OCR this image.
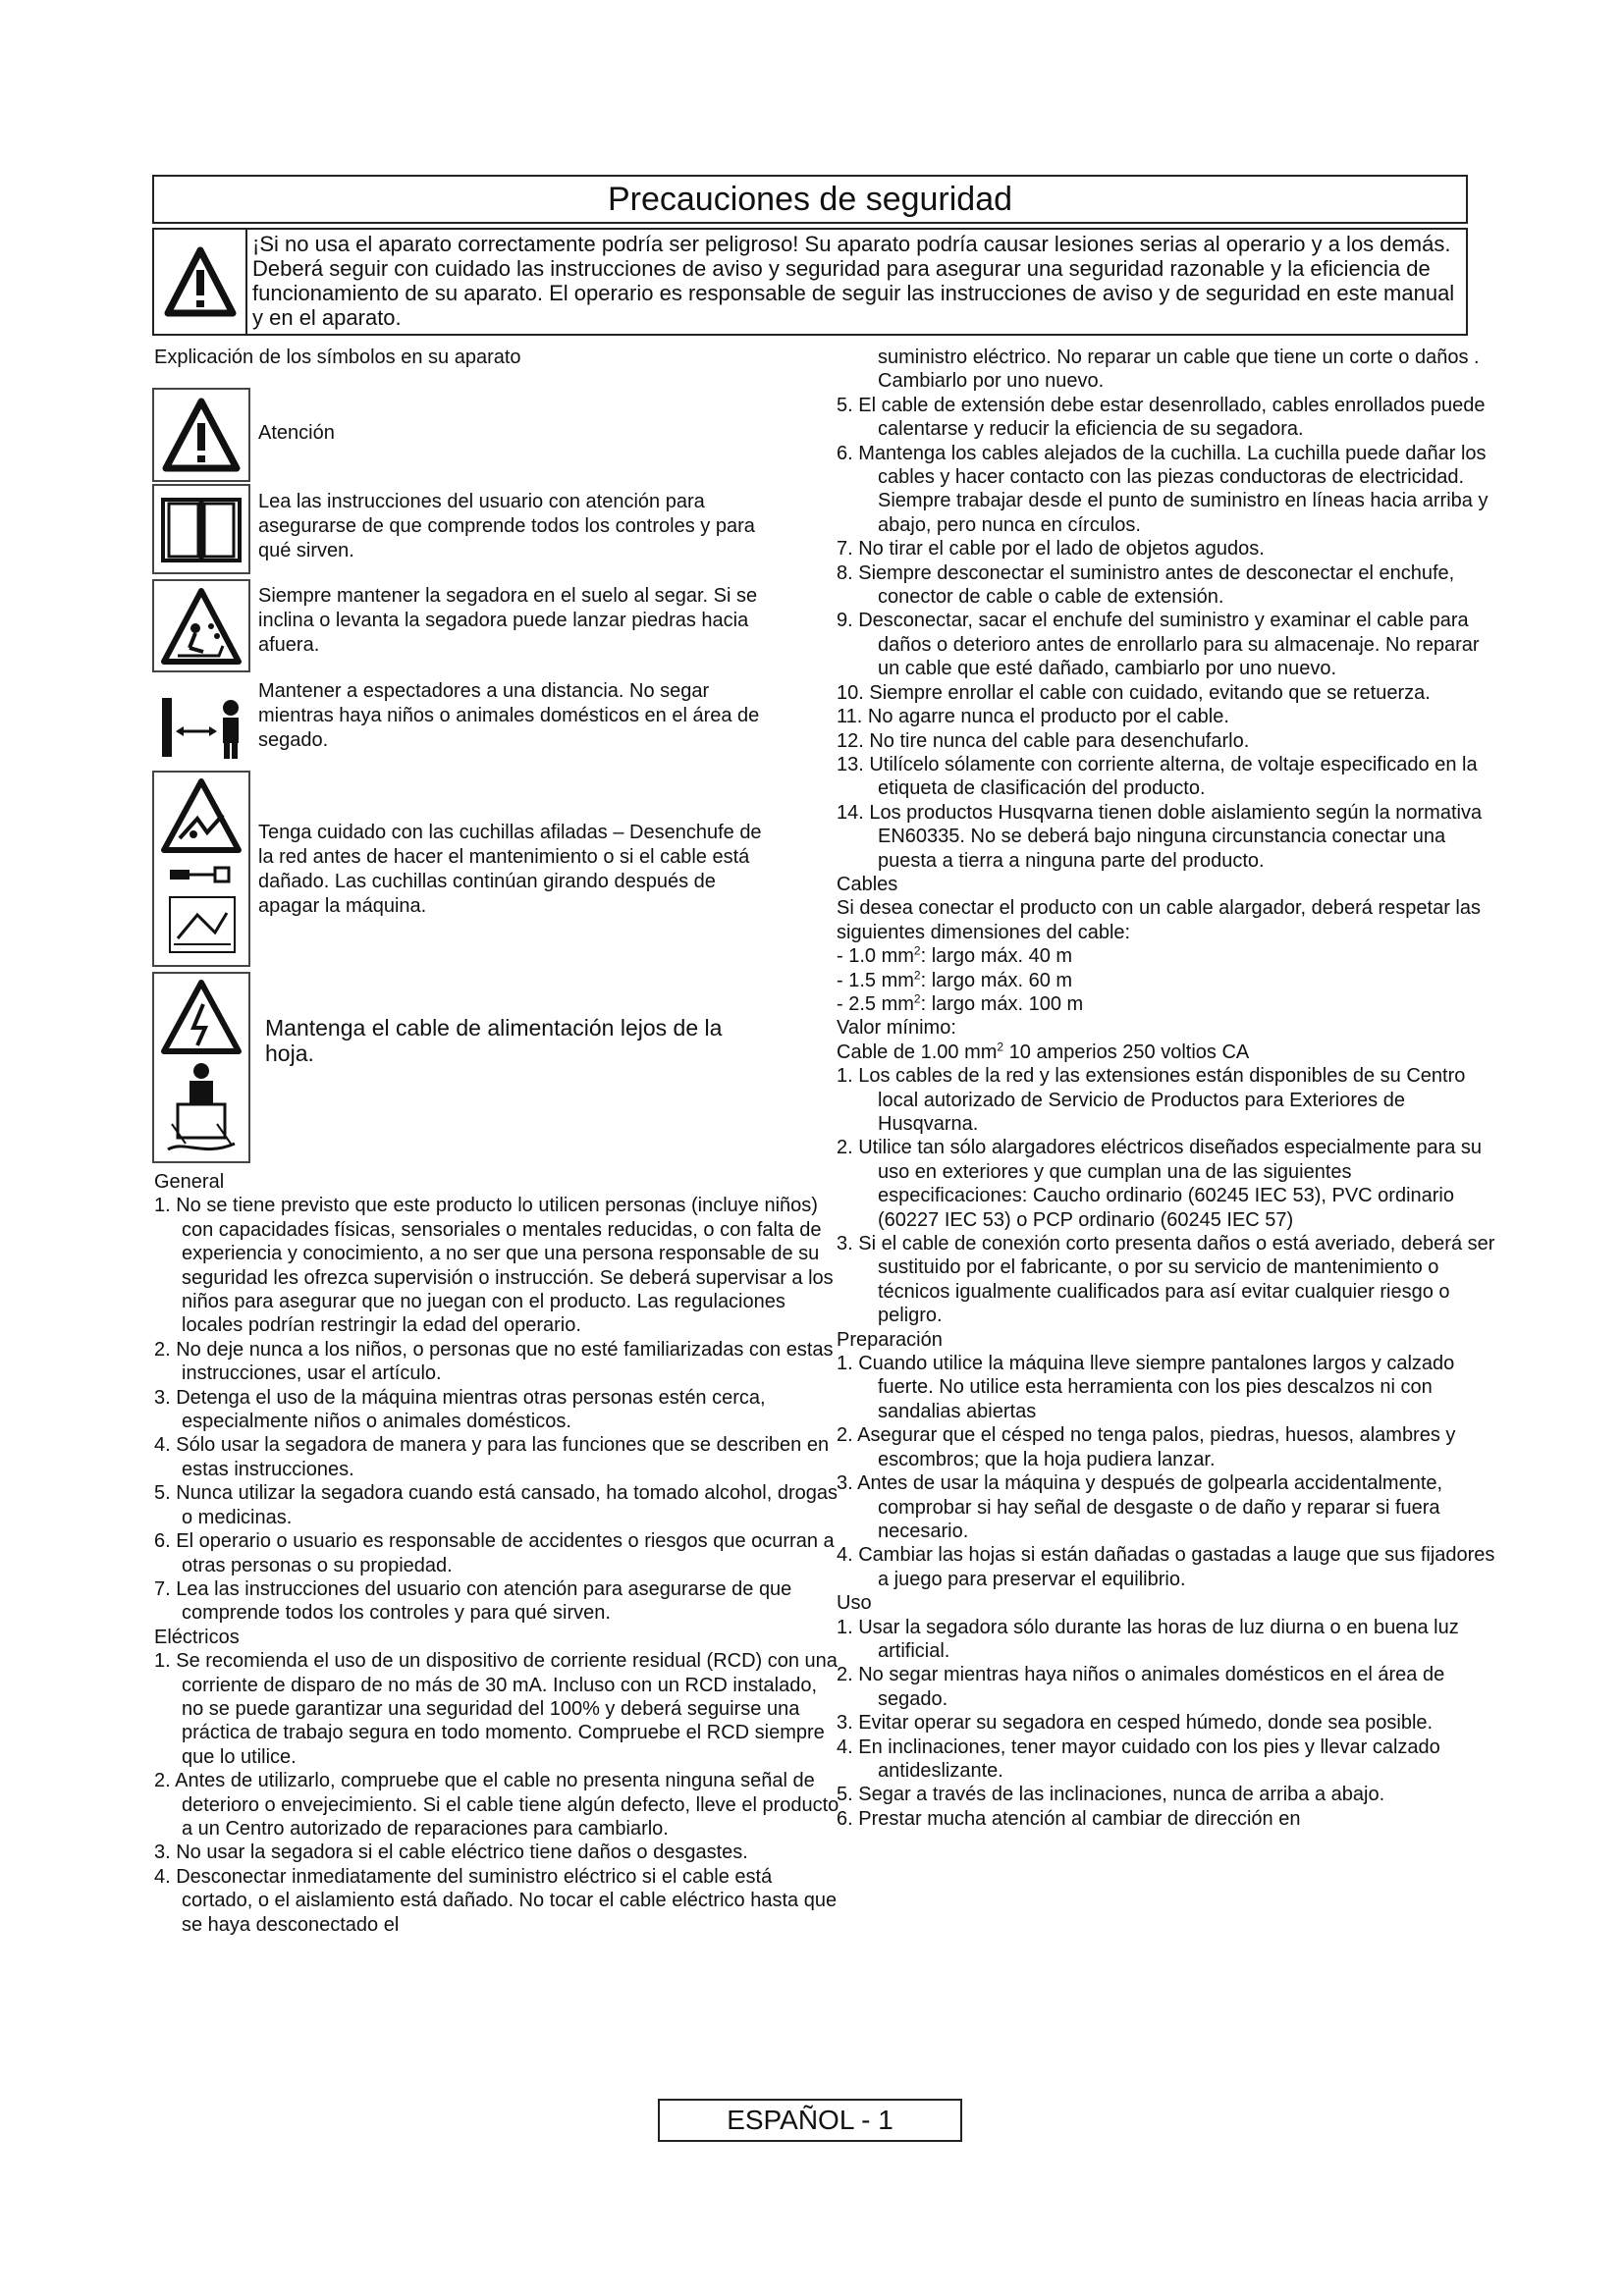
Precauciones de seguridad
¡Si no usa el aparato correctamente podría ser peligroso! Su aparato podría causar lesiones serias al operario y a los demás. Deberá seguir con cuidado las instrucciones de aviso y seguridad para asegurar una seguridad razonable y la eficiencia de funcionamiento de su aparato. El operario es responsable de seguir las instrucciones de aviso y de seguridad en este manual y en el aparato.
Explicación de los símbolos en su aparato
Atención
Lea las instrucciones del usuario con atención para asegurarse de que comprende todos los controles y para qué sirven.
Siempre mantener la segadora en el suelo al segar. Si se inclina o levanta la segadora puede lanzar piedras hacia afuera.
Mantener a espectadores a una distancia. No segar mientras haya niños o animales domésticos en el área de segado.
Tenga cuidado con las cuchillas afiladas – Desenchufe de la red antes de hacer el mantenimiento o si el cable está dañado. Las cuchillas continúan girando después de apagar la máquina.
Mantenga el cable de alimentación lejos de la hoja.

General

1. No se tiene previsto que este producto lo utilicen personas (incluye niños) con capacidades físicas, sensoriales o mentales reducidas, o con falta de experiencia y conocimiento, a no ser que una persona responsable de su seguridad les ofrezca supervisión o instrucción. Se deberá supervisar a los niños para asegurar que no juegan con el producto. Las regulaciones locales podrían restringir la edad del operario.

2. No deje nunca a los niños, o personas que no esté familiarizadas con estas instrucciones, usar el artículo.

3. Detenga el uso de la máquina mientras otras personas estén cerca, especialmente niños o animales domésticos.

4. Sólo usar la segadora de manera y para las funciones que se describen en estas instrucciones.

5. Nunca utilizar la segadora cuando está cansado, ha tomado alcohol, drogas o medicinas.

6. El operario o usuario es responsable de accidentes o riesgos que ocurran a otras personas o su propiedad.

7. Lea las instrucciones del usuario con atención para asegurarse de que comprende todos los controles y para qué sirven.

Eléctricos

1. Se recomienda el uso de un dispositivo de corriente residual (RCD) con una corriente de disparo de no más de 30 mA. Incluso con un RCD instalado, no se puede garantizar una seguridad del 100% y deberá seguirse una práctica de trabajo segura en todo momento. Compruebe el RCD siempre que lo utilice.

2. Antes de utilizarlo, compruebe que el cable no presenta ninguna señal de deterioro o envejecimiento. Si el cable tiene algún defecto, lleve el producto a un Centro autorizado de reparaciones para cambiarlo.

3. No usar la segadora si el cable eléctrico tiene daños o desgastes.

4. Desconectar inmediatamente del suministro eléctrico si el cable está cortado, o el aislamiento está dañado. No tocar el cable eléctrico hasta que se haya desconectado el

suministro eléctrico. No reparar un cable que tiene un corte o daños . Cambiarlo por uno nuevo.

5. El cable de extensión debe estar desenrollado, cables enrollados puede calentarse y reducir la eficiencia de su segadora.

6. Mantenga los cables alejados de la cuchilla. La cuchilla puede dañar los cables y hacer contacto con las piezas conductoras de electricidad. Siempre trabajar desde el punto de suministro en líneas hacia arriba y abajo, pero nunca en círculos.

7. No tirar el cable por el lado de objetos agudos.

8. Siempre desconectar el suministro antes de desconectar el enchufe, conector de cable o cable de extensión.

9. Desconectar, sacar el enchufe del suministro y examinar el cable para daños o deterioro antes de enrollarlo para su almacenaje. No reparar un cable que esté dañado, cambiarlo por uno nuevo.

10. Siempre enrollar el cable con cuidado, evitando que se retuerza.

11. No agarre nunca el producto por el cable.

12. No tire nunca del cable para desenchufarlo.

13. Utilícelo sólamente con corriente alterna, de voltaje especificado en la etiqueta de clasificación del producto.

14. Los productos Husqvarna tienen doble aislamiento según la normativa EN60335. No se deberá bajo ninguna circunstancia conectar una puesta a tierra a ninguna parte del producto.

Cables

Si desea conectar el producto con un cable alargador, deberá respetar las siguientes dimensiones del cable:

- 1.0 $mm^2$: largo máx. 40 m

- 1.5 $mm^2$: largo máx. 60 m

- 2.5 $mm^2$: largo máx. 100 m

Valor mínimo:

Cable de 1.00 $mm^2$ 10 amperios 250 voltios CA

1. Los cables de la red y las extensiones están disponibles de su Centro local autorizado de Servicio de Productos para Exteriores de Husqvarna.

2. Utilice tan sólo alargadores eléctricos diseñados especialmente para su uso en exteriores y que cumplan una de las siguientes especificaciones: Caucho ordinario (60245 IEC 53), PVC ordinario (60227 IEC 53) o PCP ordinario (60245 IEC 57)

3. Si el cable de conexión corto presenta daños o está averiado, deberá ser sustituido por el fabricante, o por su servicio de mantenimiento o técnicos igualmente cualificados para así evitar cualquier riesgo o peligro.

Preparación

1. Cuando utilice la máquina lleve siempre pantalones largos y calzado fuerte. No utilice esta herramienta con los pies descalzos ni con sandalias abiertas

2. Asegurar que el césped no tenga palos, piedras, huesos, alambres y escombros; que la hoja pudiera lanzar.

3. Antes de usar la máquina y después de golpearla accidentalmente, comprobar si hay señal de desgaste o de daño y reparar si fuera necesario.

4. Cambiar las hojas si están dañadas o gastadas a lauge que sus fijadores a juego para preservar el equilibrio.

Uso

1. Usar la segadora sólo durante las horas de luz diurna o en buena luz artificial.

2. No segar mientras haya niños o animales domésticos en el área de segado.

3. Evitar operar su segadora en cesped húmedo, donde sea posible.

4. En inclinaciones, tener mayor cuidado con los pies y llevar calzado antideslizante.

5. Segar a través de las inclinaciones, nunca de arriba a abajo.

6. Prestar mucha atención al cambiar de dirección en

ESPAÑOL - 1
